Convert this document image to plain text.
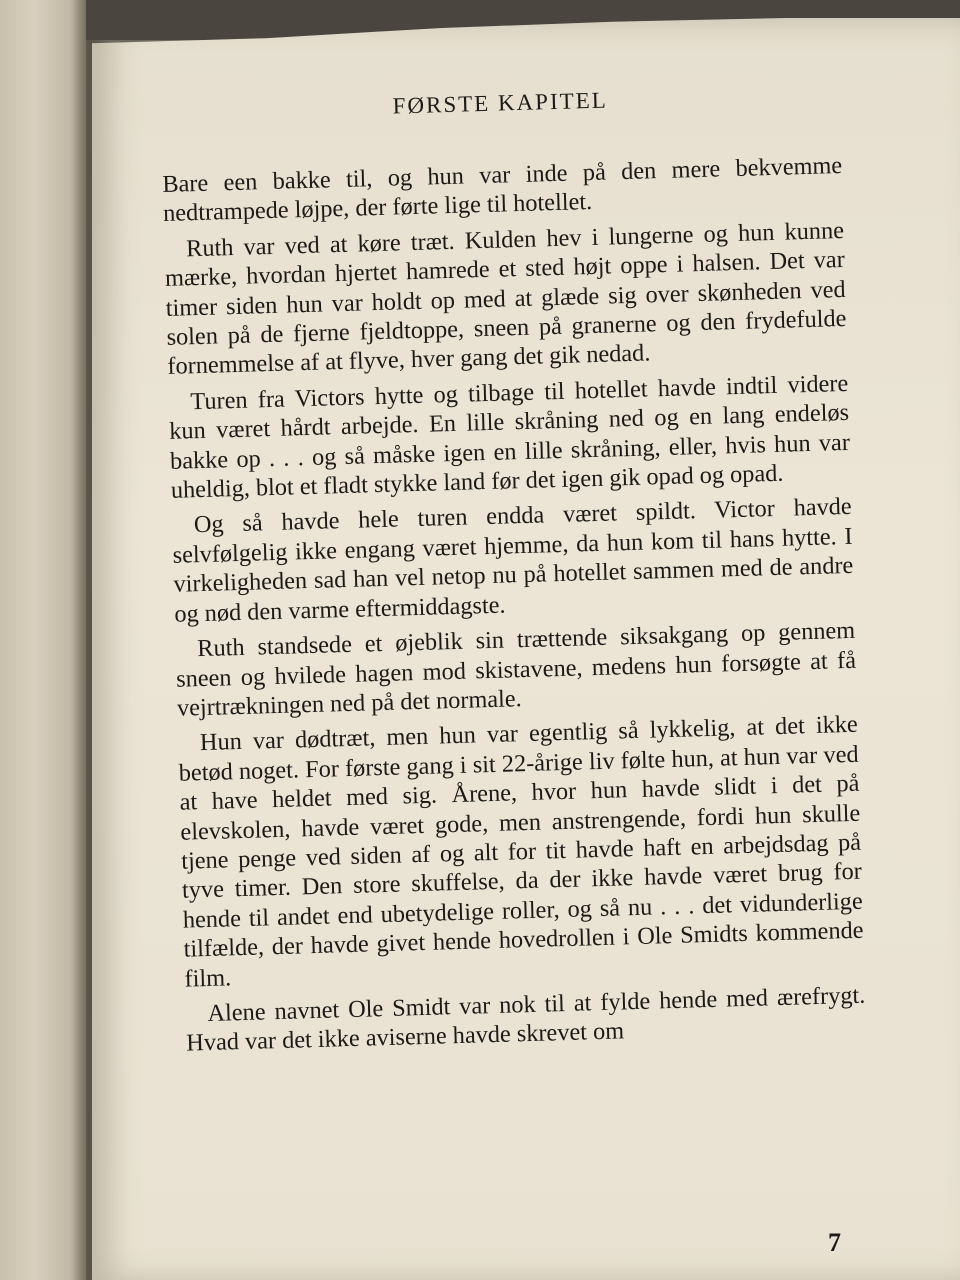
FØRSTE KAPITEL

Bare een bakke til, og hun var inde på den mere bekvemme nedtrampede løjpe, der førte lige til hotellet.

Ruth var ved at køre træt. Kulden hev i lungerne og hun kunne mærke, hvordan hjertet hamrede et sted højt oppe i halsen. Det var timer siden hun var holdt op med at glæde sig over skønheden ved solen på de fjerne fjeldtoppe, sneen på granerne og den frydefulde fornemmelse af at flyve, hver gang det gik nedad.

Turen fra Victors hytte og tilbage til hotellet havde indtil videre kun været hårdt arbejde. En lille skråning ned og en lang endeløs bakke op . . . og så måske igen en lille skråning, eller, hvis hun var uheldig, blot et fladt stykke land før det igen gik opad og opad.

Og så havde hele turen endda været spildt. Victor havde selvfølgelig ikke engang været hjemme, da hun kom til hans hytte. I virkeligheden sad han vel netop nu på hotellet sammen med de andre og nød den varme eftermiddagste.

Ruth standsede et øjeblik sin trættende siksakgang op gennem sneen og hvilede hagen mod skistavene, medens hun forsøgte at få vejrtrækningen ned på det normale.

Hun var dødtræt, men hun var egentlig så lykkelig, at det ikke betød noget. For første gang i sit 22-årige liv følte hun, at hun var ved at have heldet med sig. Årene, hvor hun havde slidt i det på elevskolen, havde været gode, men anstrengende, fordi hun skulle tjene penge ved siden af og alt for tit havde haft en arbejdsdag på tyve timer. Den store skuffelse, da der ikke havde været brug for hende til andet end ubetydelige roller, og så nu . . . det vidunderlige tilfælde, der havde givet hende hovedrollen i Ole Smidts kommende film.

Alene navnet Ole Smidt var nok til at fylde hende med ærefrygt. Hvad var det ikke aviserne havde skrevet om

7
